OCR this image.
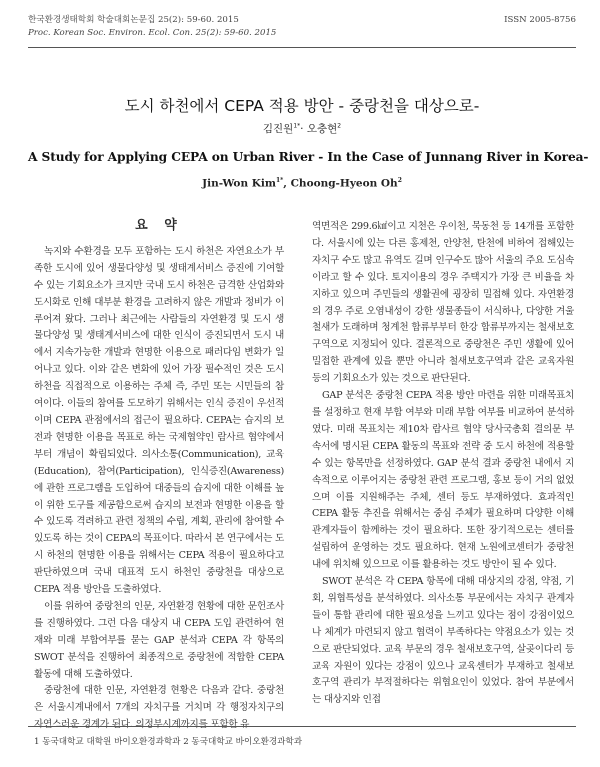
한국환경생태학회 학술대회논문집 25(2): 59-60. 2015	ISSN 2005-8756
Proc. Korean Soc. Environ. Ecol. Con. 25(2): 59-60. 2015
도시 하천에서 CEPA 적용 방안 - 중랑천을 대상으로-
김진원$^{1*}$· 오충현$^2$
A Study for Applying CEPA on Urban River - In the Case of Junnang River in Korea-
Jin-Won Kim$^{1*}$, Choong-Hyeon Oh$^2$
요 약

녹지와 수환경을 모두 포함하는 도시 하천은 자연요소가 부족한 도시에 있어 생물다양성 및 생태계서비스 증진에 기여할 수 있는 기회요소가 크지만 국내 도시 하천은 급격한 산업화와 도시화로 인해 대부분 환경을 고려하지 않은 개발과 정비가 이루어져 왔다. 그러나 최근에는 사람들의 자연환경 및 도시 생물다양성 및 생태계서비스에 대한 인식이 증진되면서 도시 내에서 지속가능한 개발과 현명한 이용으로 패러다임 변화가 일어나고 있다. 이와 같은 변화에 있어 가장 필수적인 것은 도시 하천을 직접적으로 이용하는 주체 즉, 주민 또는 시민들의 참여이다. 이들의 참여를 도모하기 위해서는 인식 증진이 우선적이며 CEPA 관점에서의 접근이 필요하다. CEPA는 습지의 보전과 현명한 이용을 목표로 하는 국제협약인 람사르 협약에서부터 개념이 확립되었다. 의사소통(Communication), 교육(Education), 참여(Participation), 인식증진(Awareness)에 관한 프로그램을 도입하여 대중들의 습지에 대한 이해를 높이 위한 도구를 제공함으로써 습지의 보전과 현명한 이용을 할 수 있도록 격려하고 관련 정책의 수립, 계획, 관리에 참여할 수 있도록 하는 것이 CEPA의 목표이다. 따라서 본 연구에서는 도시 하천의 현명한 이용을 위해서는 CEPA 적용이 필요하다고 판단하였으며 국내 대표적 도시 하천인 중랑천을 대상으로 CEPA 적용 방안을 도출하였다.

이를 위하여 중랑천의 인문, 자연환경 현황에 대한 문헌조사를 진행하였다. 그런 다음 대상지 내 CEPA 도입 관련하여 현재와 미래 부합여부를 묻는 GAP 분석과 CEPA 각 항목의 SWOT 분석을 진행하여 최종적으로 중랑천에 적합한 CEPA 활동에 대해 도출하였다.

중랑천에 대한 인문, 자연환경 현황은 다음과 같다. 중랑천은 서울시계내에서 7개의 자치구를 거치며 각 행정자치구의 자연스러운 경계가 된다. 의정부시계까지를 포함한 유

역면적은 299.6㎢이고 지천은 우이천, 묵동천 등 14개를 포함한다. 서울시에 있는 다른 홍제천, 안양천, 탄천에 비하여 접해있는 자치구 수도 많고 유역도 길며 인구수도 많아 서울의 주요 도심속이라고 할 수 있다. 토지이용의 경우 주택지가 가장 큰 비율을 차지하고 있으며 주민들의 생활권에 굉장히 밀접해 있다. 자연환경의 경우 주로 오염내성이 강한 생물종들이 서식하나, 다양한 겨울 철새가 도래하며 청계천 합류부부터 한강 합류부까지는 철새보호구역으로 지정되어 있다. 결론적으로 중랑천은 주민 생활에 있어 밀접한 관계에 있을 뿐만 아니라 철새보호구역과 같은 교육자원 등의 기회요소가 있는 것으로 판단된다.

GAP 분석은 중랑천 CEPA 적용 방안 마련을 위한 미래목표치를 설정하고 현재 부합 여부와 미래 부합 여부를 비교하여 분석하였다. 미래 목표치는 제10차 람사르 협약 당사국총회 결의문 부속서에 명시된 CEPA 활동의 목표와 전략 중 도시 하천에 적용할 수 있는 항목만을 선정하였다. GAP 분석 결과 중랑천 내에서 지속적으로 이루어지는 중랑천 관련 프로그램, 홍보 등이 거의 없었으며 이를 지원해주는 주체, 센터 등도 부재하였다. 효과적인 CEPA 활동 추진을 위해서는 중심 주체가 필요하며 다양한 이해관계자들이 함께하는 것이 필요하다. 또한 장기적으로는 센터를 설립하여 운영하는 것도 필요하다. 현재 노원에코센터가 중랑천 내에 위치해 있으므로 이를 활용하는 것도 방안이 될 수 있다.

SWOT 분석은 각 CEPA 항목에 대해 대상지의 강점, 약점, 기회, 위협특성을 분석하였다. 의사소통 부문에서는 자치구 관계자들이 통합 관리에 대한 필요성을 느끼고 있다는 점이 강점이었으나 체계가 마련되지 않고 협력이 부족하다는 약점요소가 있는 것으로 판단되었다. 교육 부문의 경우 철새보호구역, 살곶이다리 등 교육 자원이 있다는 강점이 있으나 교육센터가 부재하고 철새보호구역 관리가 부적절하다는 위협요인이 있었다. 참여 부분에서는 대상지와 인접

1 동국대학교 대학원 바이오환경과학과 2 동국대학교 바이오환경과학과
